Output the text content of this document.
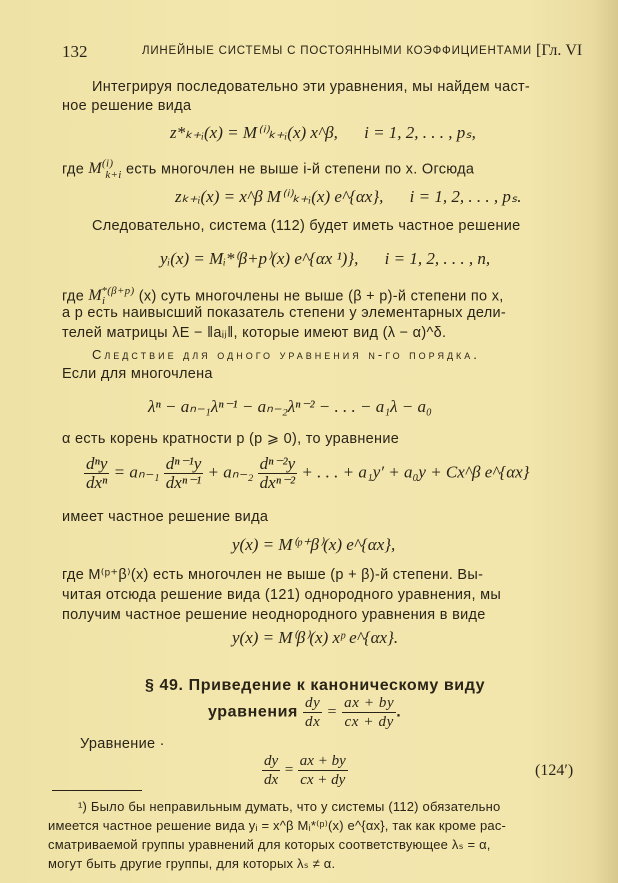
132	ЛИНЕЙНЫЕ СИСТЕМЫ С ПОСТОЯННЫМИ КОЭФФИЦИЕНТАМИ [Гл. VI
Интегрируя последовательно эти уравнения, мы найдем част-
ное решение вида
z*ₖ₊ᵢ(x) = M⁽ⁱ⁾ₖ₊ᵢ(x) x^β, i = 1, 2, . . . , pₛ,
где $M^{(i)}_{k+i}$ есть многочлен не выше i-й степени по x. Огсюда
zₖ₊ᵢ(x) = x^β M⁽ⁱ⁾ₖ₊ᵢ(x) e^{αx}, i = 1, 2, . . . , pₛ.
Следовательно, система (112) будет иметь частное решение
yᵢ(x) = Mᵢ*⁽β+p⁾(x) e^{αx ¹)}, i = 1, 2, . . . , n,
где $M_i^{*(\beta+p)}$ (x) суть многочлены не выше (β + p)-й степени по x,
а p есть наивысший показатель степени у элементарных дели-
телей матрицы λE − ‖aᵢⱼ‖, которые имеют вид (λ − α)^δ.
Следствие для одного уравнения n-го порядка.
Если для многочлена
λⁿ − aₙ₋₁λⁿ⁻¹ − aₙ₋₂λⁿ⁻² − . . . − a₁λ − a₀
α есть корень кратности p (p ⩾ 0), то уравнение
$\frac{\text{dⁿy}}{\text{dxⁿ}} = a_{n-1} \frac{\text{dⁿ⁻¹y}}{\text{dxⁿ⁻¹}} + a_{n-2} \frac{\text{dⁿ⁻²y}}{\text{dxⁿ⁻²}}$ + . . . + a₁y′ + a₀y + Cx^β e^{αx}
имеет частное решение вида
y(x) = M⁽ᵖ⁺β⁾(x) e^{αx},
где M⁽ᵖ⁺β⁾(x) есть многочлен не выше (p + β)-й степени. Вы-
читая отсюда решение вида (121) однородного уравнения, мы
получим частное решение неоднородного уравнения в виде
y(x) = M⁽β⁾(x) xᵖ e^{αx}.
§ 49. Приведение к каноническому виду
уравнения $\frac{dy}{dx} = \frac{ax + by}{cx + dy}$ .
Уравнение ·
$\frac{dy}{dx} = \frac{ax + by}{cx + dy}$	(124′)
¹) Было бы неправильным думать, что у системы (112) обязательно
имеется частное решение вида yᵢ = x^β Mᵢ*⁽ᵖ⁾(x) e^{αx}, так как кроме рас-
сматриваемой группы уравнений для которых соответствующее λₛ = α,
могут быть другие группы, для которых λₛ ≠ α.
